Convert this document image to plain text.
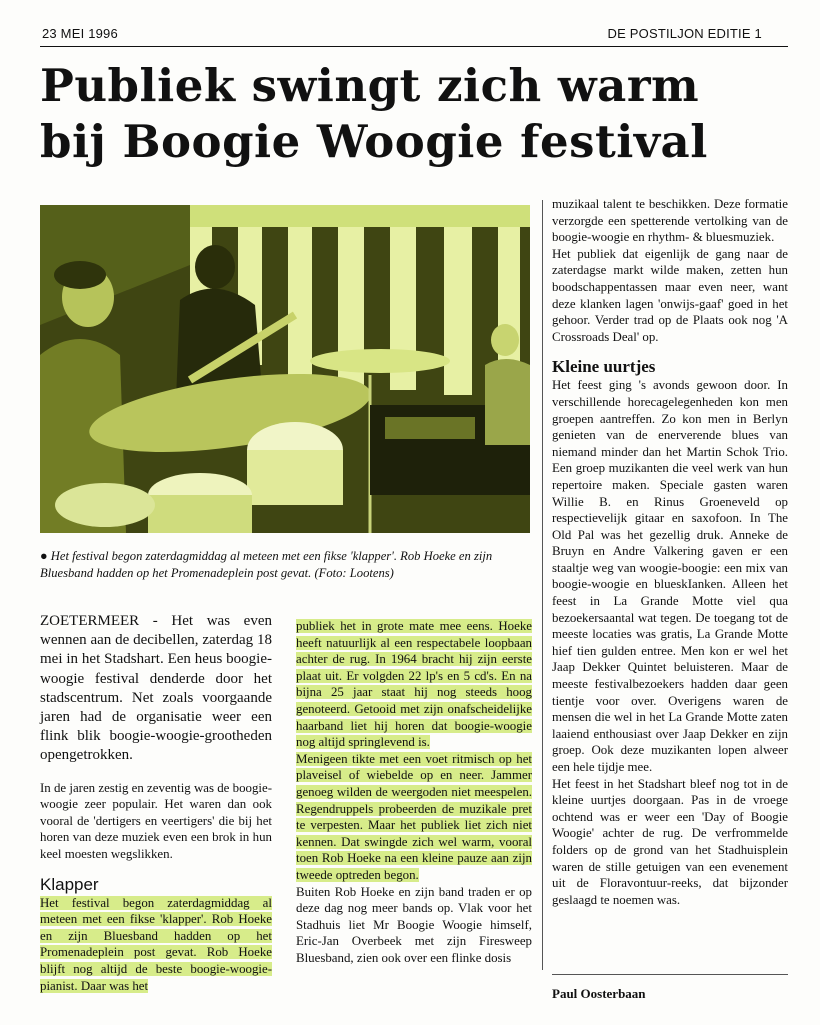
23 MEI 1996	DE POSTILJON EDITIE 1
Publiek swingt zich warm
bij Boogie Woogie festival
● Het festival begon zaterdagmiddag al meteen met een fikse 'klapper'. Rob Hoeke en zijn Bluesband hadden op het Promenadeplein post gevat. (Foto: Lootens)

ZOETERMEER - Het was even wennen aan de decibellen, zaterdag 18 mei in het Stadshart. Een heus boogie-woogie festival denderde door het stadscentrum. Net zoals voorgaande jaren had de organisatie weer een flink blik boogie-woogie-grootheden opengetrokken.

In de jaren zestig en zeventig was de boogie-woogie zeer populair. Het waren dan ook vooral de 'dertigers en veertigers' die bij het horen van deze muziek even een brok in hun keel moesten wegslikken.

Klapper

Het festival begon zaterdagmiddag al meteen met een fikse 'klapper'. Rob Hoeke en zijn Bluesband hadden op het Promenadeplein post gevat. Rob Hoeke blijft nog altijd de beste boogie-woogie-pianist. Daar was het

publiek het in grote mate mee eens. Hoeke heeft natuurlijk al een respectabele loopbaan achter de rug. In 1964 bracht hij zijn eerste plaat uit. Er volgden 22 lp's en 5 cd's. En na bijna 25 jaar staat hij nog steeds hoog genoteerd. Getooid met zijn onafscheidelijke haarband liet hij horen dat boogie-woogie nog altijd springlevend is.

Menigeen tikte met een voet ritmisch op het plaveisel of wiebelde op en neer. Jammer genoeg wilden de weergoden niet meespelen. Regendruppels probeerden de muzikale pret te verpesten. Maar het publiek liet zich niet kennen. Dat swingde zich wel warm, vooral toen Rob Hoeke na een kleine pauze aan zijn tweede optreden begon.

Buiten Rob Hoeke en zijn band traden er op deze dag nog meer bands op. Vlak voor het Stadhuis liet Mr Boogie Woogie himself, Eric-Jan Overbeek met zijn Firesweep Bluesband, zien ook over een flinke dosis

muzikaal talent te beschikken. Deze formatie verzorgde een spetterende vertolking van de boogie-woogie en rhythm- & bluesmuziek.

Het publiek dat eigenlijk de gang naar de zaterdagse markt wilde maken, zetten hun boodschappentassen maar even neer, want deze klanken lagen 'onwijs-gaaf' goed in het gehoor. Verder trad op de Plaats ook nog 'A Crossroads Deal' op.

Kleine uurtjes

Het feest ging 's avonds gewoon door. In verschillende horecagelegenheden kon men groepen aantreffen. Zo kon men in Berlyn genieten van de enerverende blues van niemand minder dan het Martin Schok Trio. Een groep muzikanten die veel werk van hun repertoire maken. Speciale gasten waren Willie B. en Rinus Groeneveld op respectievelijk gitaar en saxofoon. In The Old Pal was het gezellig druk. Anneke de Bruyn en Andre Valkering gaven er een staaltje weg van woogie-boogie: een mix van boogie-woogie en blueskIanken. Alleen het feest in La Grande Motte viel qua bezoekersaantal wat tegen. De toegang tot de meeste locaties was gratis, La Grande Motte hief tien gulden entree. Men kon er wel het Jaap Dekker Quintet beluisteren. Maar de meeste festivalbezoekers hadden daar geen tientje voor over. Overigens waren de mensen die wel in het La Grande Motte zaten laaiend enthousiast over Jaap Dekker en zijn groep. Ook deze muzikanten lopen alweer een hele tijdje mee.

Het feest in het Stadshart bleef nog tot in de kleine uurtjes doorgaan. Pas in de vroege ochtend was er weer een 'Day of Boogie Woogie' achter de rug. De verfrommelde folders op de grond van het Stadhuisplein waren de stille getuigen van een evenement uit de Floravontuur-reeks, dat bijzonder geslaagd te noemen was.

Paul Oosterbaan
